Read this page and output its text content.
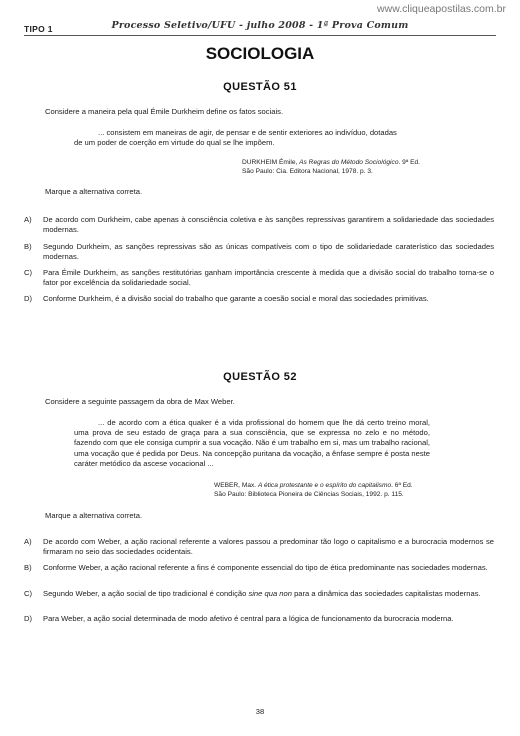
www.cliqueapostilas.com.br
TIPO 1	Processo Seletivo/UFU - julho 2008 - 1ª Prova Comum
SOCIOLOGIA
QUESTÃO 51
Considere a maneira pela qual Émile Durkheim define os fatos sociais.
... consistem em maneiras de agir, de pensar e de sentir exteriores ao indivíduo, dotadas
de um poder de coerção em virtude do qual se lhe impõem.
DURKHEIM Émile, As Regras do Método Sociológico. 9ª Ed.
São Paulo: Cia. Editora Nacional, 1978. p. 3.
Marque a alternativa correta.
A) De acordo com Durkheim, cabe apenas à consciência coletiva e às sanções repressivas garantirem a solidariedade das sociedades modernas.
B) Segundo Durkheim, as sanções repressivas são as únicas compatíveis com o tipo de solidariedade caraterístico das sociedades modernas.
C) Para Émile Durkheim, as sanções restitutórias ganham importância crescente à medida que a divisão social do trabalho torna-se o fator por excelência da solidariedade social.
D) Conforme Durkheim, é a divisão social do trabalho que garante a coesão social e moral das sociedades primitivas.
QUESTÃO 52
Considere a seguinte passagem da obra de Max Weber.
... de acordo com a ética quaker é a vida profissional do homem que lhe dá certo treino moral, uma prova de seu estado de graça para a sua consciência, que se expressa no zelo e no método, fazendo com que ele consiga cumprir a sua vocação. Não é um trabalho em si, mas um trabalho racional, uma vocação que é pedida por Deus. Na concepção puritana da vocação, a ênfase sempre é posta neste caráter metódico da ascese vocacional ...
WEBER, Max. A ética protestante e o espírito do capitalismo. 6ª Ed.
São Paulo: Biblioteca Pioneira de Ciências Sociais, 1992. p. 115.
Marque a alternativa correta.
A) De acordo com Weber, a ação racional referente a valores passou a predominar tão logo o capitalismo e a burocracia modernos se firmaram no seio das sociedades ocidentais.
B) Conforme Weber, a ação racional referente a fins é componente essencial do tipo de ética predominante nas sociedades modernas.
C) Segundo Weber, a ação social de tipo tradicional é condição sine qua non para a dinâmica das sociedades capitalistas modernas.
D) Para Weber, a ação social determinada de modo afetivo é central para a lógica de funcionamento da burocracia moderna.
38
